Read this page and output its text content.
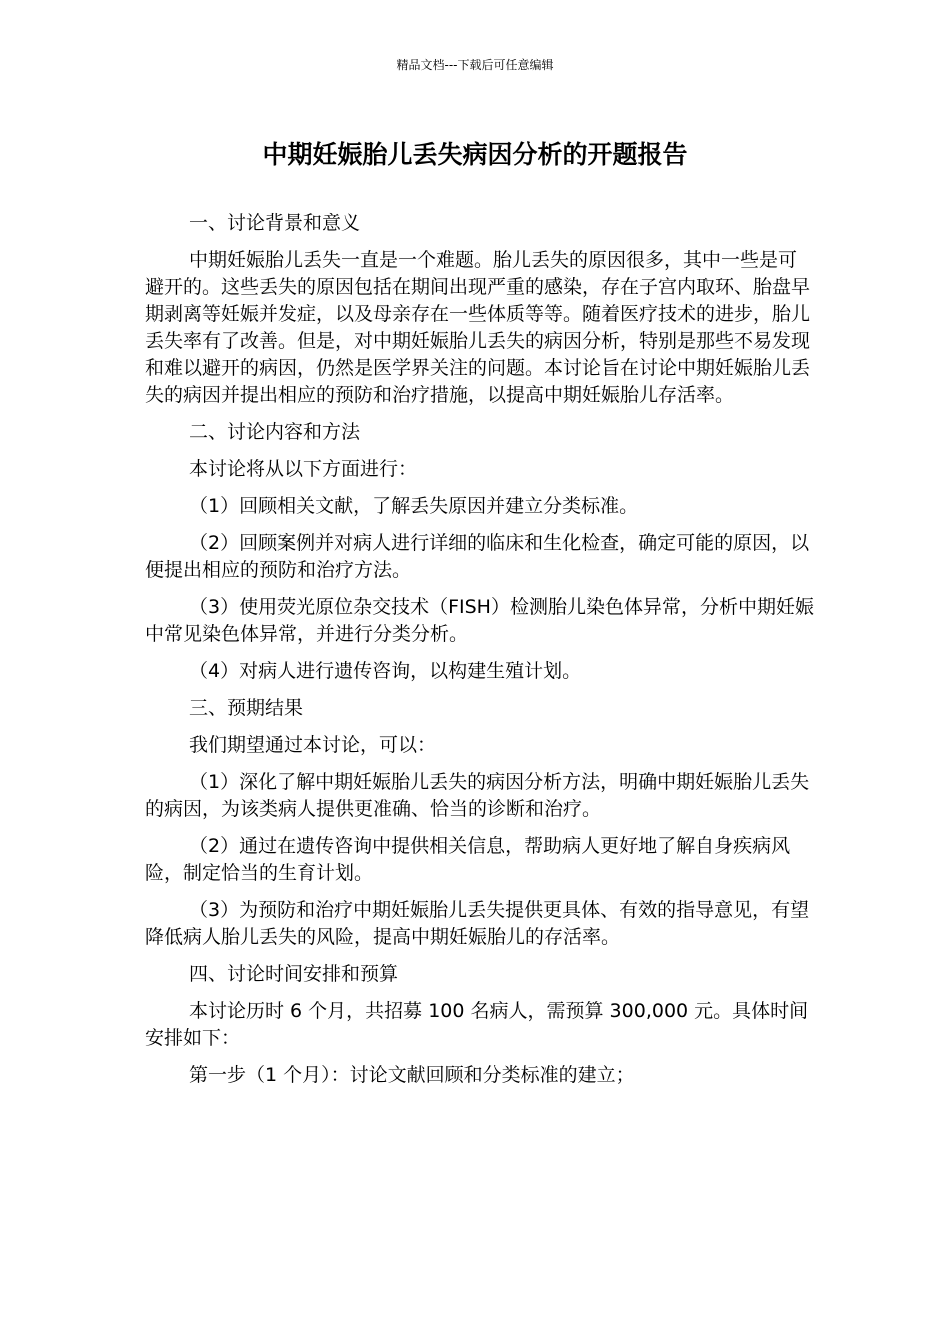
精品文档---下载后可任意编辑
中期妊娠胎儿丢失病因分析的开题报告

一、讨论背景和意义

中期妊娠胎儿丢失一直是一个难题。胎儿丢失的原因很多，其中一些是可避开的。这些丢失的原因包括在期间出现严重的感染，存在子宫内取环、胎盘早期剥离等妊娠并发症，以及母亲存在一些体质等等。随着医疗技术的进步，胎儿丢失率有了改善。但是，对中期妊娠胎儿丢失的病因分析，特别是那些不易发现和难以避开的病因，仍然是医学界关注的问题。本讨论旨在讨论中期妊娠胎儿丢失的病因并提出相应的预防和治疗措施，以提高中期妊娠胎儿存活率。

二、讨论内容和方法

本讨论将从以下方面进行：

（1）回顾相关文献，了解丢失原因并建立分类标准。

（2）回顾案例并对病人进行详细的临床和生化检查，确定可能的原因，以便提出相应的预防和治疗方法。

（3）使用荧光原位杂交技术（FISH）检测胎儿染色体异常，分析中期妊娠中常见染色体异常，并进行分类分析。

（4）对病人进行遗传咨询，以构建生殖计划。

三、预期结果

我们期望通过本讨论，可以：

（1）深化了解中期妊娠胎儿丢失的病因分析方法，明确中期妊娠胎儿丢失的病因，为该类病人提供更准确、恰当的诊断和治疗。

（2）通过在遗传咨询中提供相关信息，帮助病人更好地了解自身疾病风险，制定恰当的生育计划。

（3）为预防和治疗中期妊娠胎儿丢失提供更具体、有效的指导意见，有望降低病人胎儿丢失的风险，提高中期妊娠胎儿的存活率。

四、讨论时间安排和预算

本讨论历时 6 个月，共招募 100 名病人，需预算 300,000 元。具体时间安排如下：

第一步（1 个月）：讨论文献回顾和分类标准的建立；
